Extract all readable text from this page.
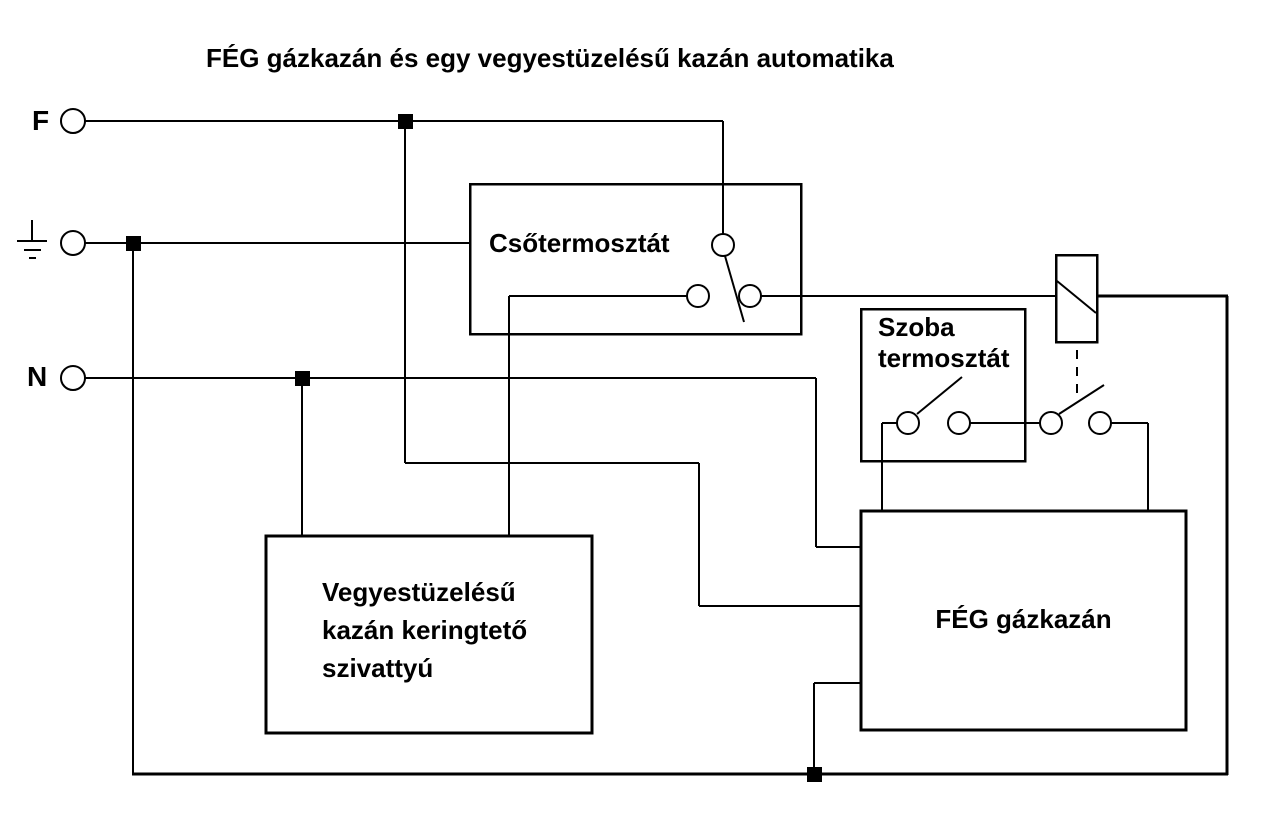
FÉG gázkazán és egy vegyestüzelésű kazán automatika
F
N
Csőtermosztát
Szoba
termosztát
Vegyestüzelésű
kazán keringtető
szivattyú
FÉG gázkazán
